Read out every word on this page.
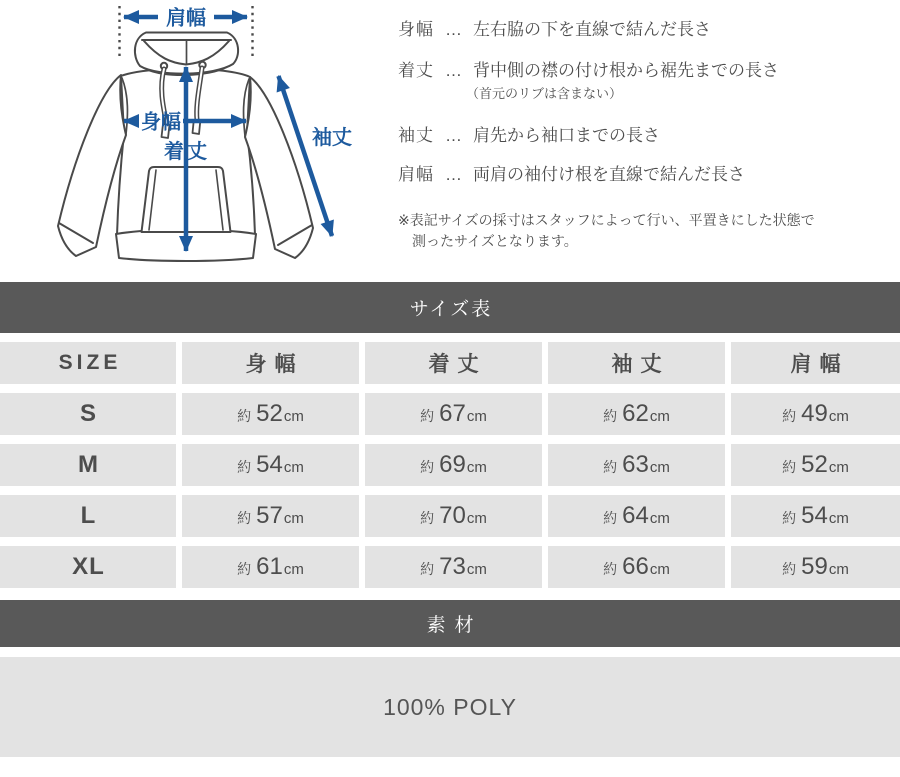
肩幅
身幅
着丈
袖丈
身幅 … 左右脇の下を直線で結んだ長さ
着丈 … 背中側の襟の付け根から裾先までの長さ
（首元のリブは含まない）
袖丈 … 肩先から袖口までの長さ
肩幅 … 両肩の袖付け根を直線で結んだ長さ
※表記サイズの採寸はスタッフによって行い、平置きにした状態で
測ったサイズとなります。
サイズ表
SIZE	身幅	着丈	袖丈	肩幅
S	約 52 cm	約 67 cm	約 62 cm	約 49 cm
M	約 54 cm	約 69 cm	約 63 cm	約 52 cm
L	約 57 cm	約 70 cm	約 64 cm	約 54 cm
XL	約 61 cm	約 73 cm	約 66 cm	約 59 cm
素材
100% POLY
